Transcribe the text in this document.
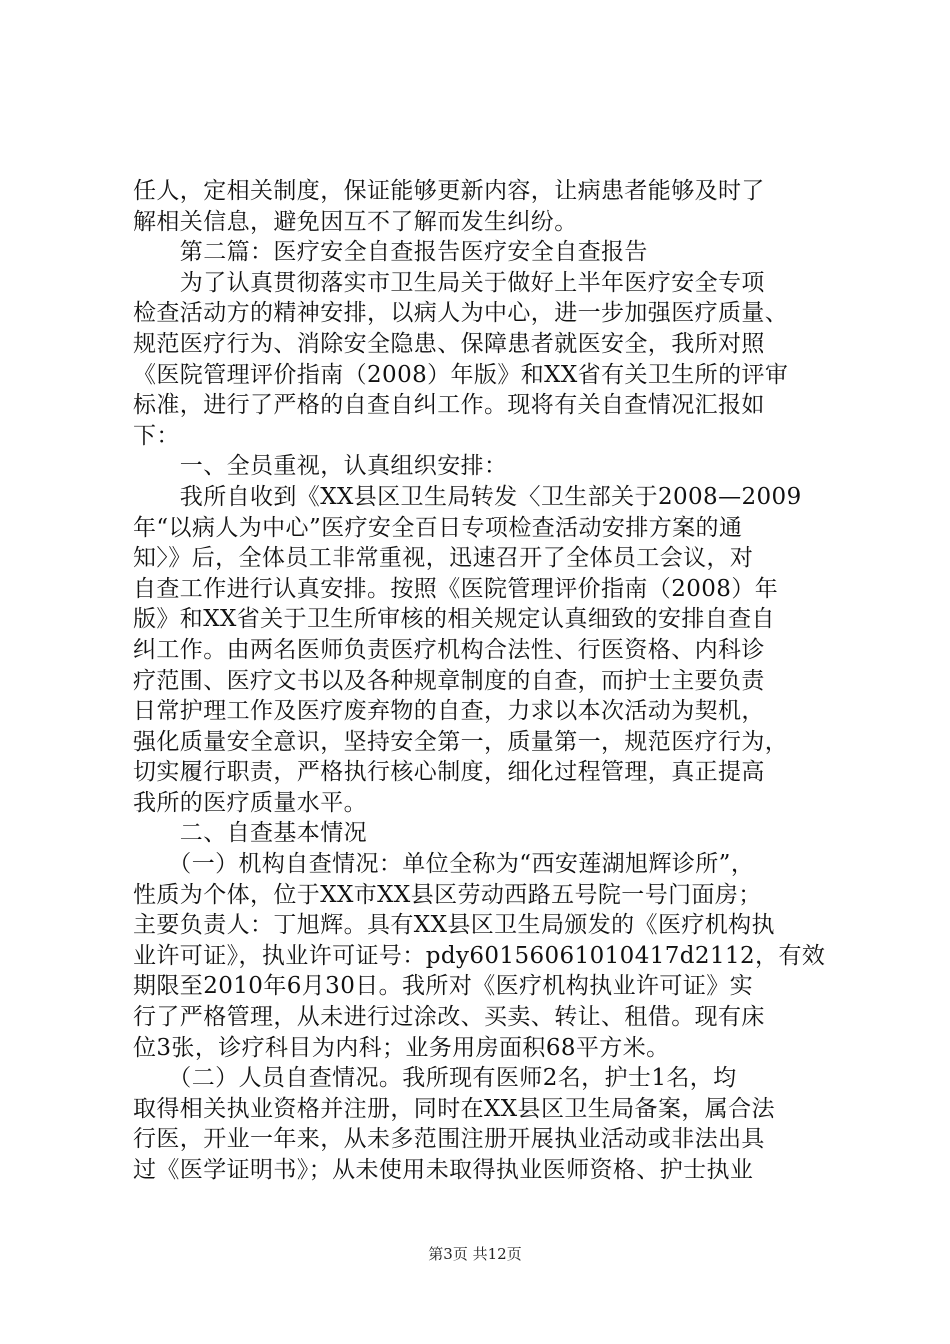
任人，定相关制度，保证能够更新内容，让病患者能够及时了
解相关信息，避免因互不了解而发生纠纷。
　　第二篇：医疗安全自查报告医疗安全自查报告
　　为了认真贯彻落实市卫生局关于做好上半年医疗安全专项
检查活动方的精神安排，以病人为中心，进一步加强医疗质量、
规范医疗行为、消除安全隐患、保障患者就医安全，我所对照
《医院管理评价指南（2008）年版》和XX省有关卫生所的评审
标准，进行了严格的自查自纠工作。现将有关自查情况汇报如
下：
　　一、全员重视，认真组织安排：
　　我所自收到《XX县区卫生局转发〈卫生部关于2008—2009
年“以病人为中心”医疗安全百日专项检查活动安排方案的通
知〉》后，全体员工非常重视，迅速召开了全体员工会议，对
自查工作进行认真安排。按照《医院管理评价指南（2008）年
版》和XX省关于卫生所审核的相关规定认真细致的安排自查自
纠工作。由两名医师负责医疗机构合法性、行医资格、内科诊
疗范围、医疗文书以及各种规章制度的自查，而护士主要负责
日常护理工作及医疗废弃物的自查，力求以本次活动为契机，
强化质量安全意识，坚持安全第一，质量第一，规范医疗行为，
切实履行职责，严格执行核心制度，细化过程管理，真正提高
我所的医疗质量水平。
　　二、自查基本情况
　　（一）机构自查情况：单位全称为“西安莲湖旭辉诊所”，
性质为个体，位于XX市XX县区劳动西路五号院一号门面房；
主要负责人：丁旭辉。具有XX县区卫生局颁发的《医疗机构执
业许可证》，执业许可证号：pdy60156061010417d2112，有效
期限至2010年6月30日。我所对《医疗机构执业许可证》实
行了严格管理，从未进行过涂改、买卖、转让、租借。现有床
位3张，诊疗科目为内科；业务用房面积68平方米。
　　（二）人员自查情况。我所现有医师2名，护士1名，均
取得相关执业资格并注册，同时在XX县区卫生局备案，属合法
行医，开业一年来，从未多范围注册开展执业活动或非法出具
过《医学证明书》；从未使用未取得执业医师资格、护士执业
第3页 共12页
